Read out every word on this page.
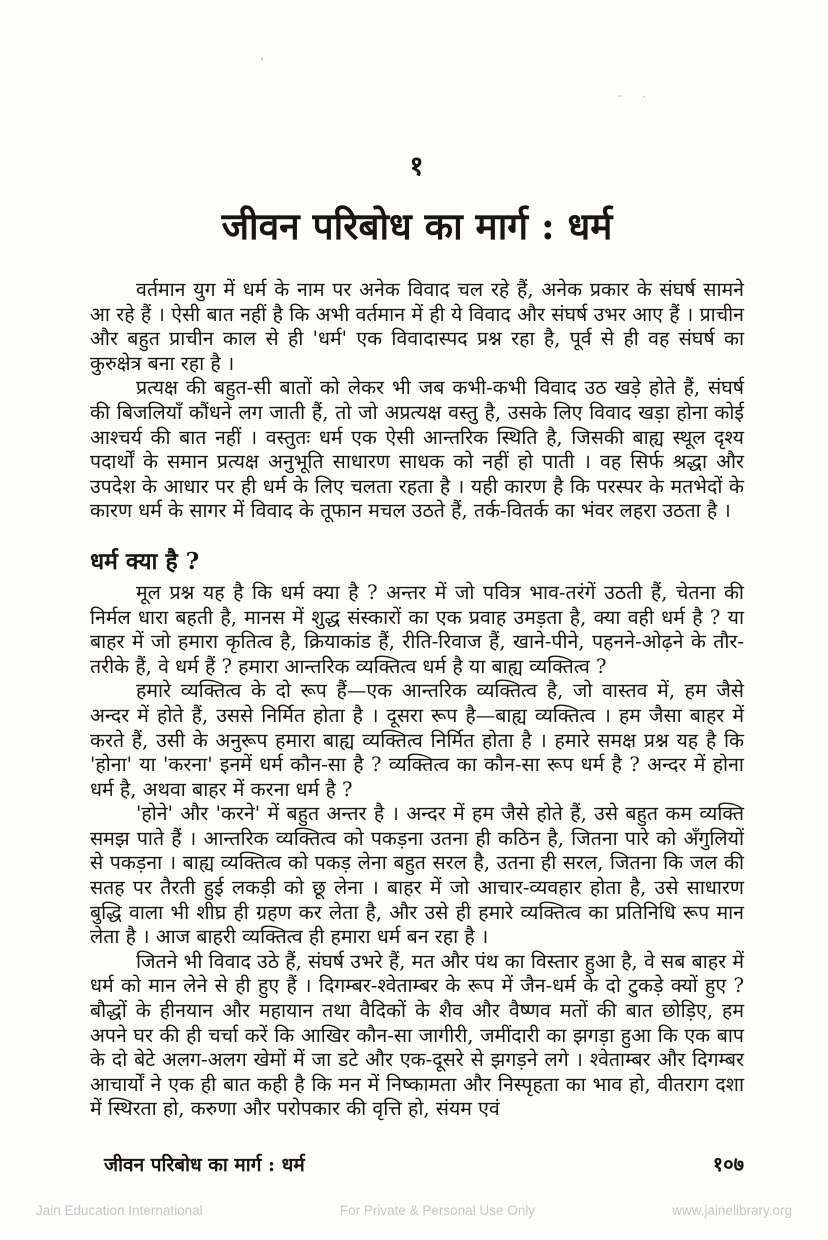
१
जीवन परिबोध का मार्ग : धर्म

वर्तमान युग में धर्म के नाम पर अनेक विवाद चल रहे हैं, अनेक प्रकार के संघर्ष सामने आ रहे हैं । ऐसी बात नहीं है कि अभी वर्तमान में ही ये विवाद और संघर्ष उभर आए हैं । प्राचीन और बहुत प्राचीन काल से ही 'धर्म' एक विवादास्पद प्रश्न रहा है, पूर्व से ही वह संघर्ष का कुरुक्षेत्र बना रहा है ।

प्रत्यक्ष की बहुत-सी बातों को लेकर भी जब कभी-कभी विवाद उठ खड़े होते हैं, संघर्ष की बिजलियाँ कौंधने लग जाती हैं, तो जो अप्रत्यक्ष वस्तु है, उसके लिए विवाद खड़ा होना कोई आश्चर्य की बात नहीं । वस्तुतः धर्म एक ऐसी आन्तरिक स्थिति है, जिसकी बाह्य स्थूल दृश्य पदार्थों के समान प्रत्यक्ष अनुभूति साधारण साधक को नहीं हो पाती । वह सिर्फ श्रद्धा और उपदेश के आधार पर ही धर्म के लिए चलता रहता है । यही कारण है कि परस्पर के मतभेदों के कारण धर्म के सागर में विवाद के तूफान मचल उठते हैं, तर्क-वितर्क का भंवर लहरा उठता है ।

धर्म क्या है ?

मूल प्रश्न यह है कि धर्म क्या है ? अन्तर में जो पवित्र भाव-तरंगें उठती हैं, चेतना की निर्मल धारा बहती है, मानस में शुद्ध संस्कारों का एक प्रवाह उमड़ता है, क्या वही धर्म है ? या बाहर में जो हमारा कृतित्व है, क्रियाकांड हैं, रीति-रिवाज हैं, खाने-पीने, पहनने-ओढ़ने के तौर-तरीके हैं, वे धर्म हैं ? हमारा आन्तरिक व्यक्तित्व धर्म है या बाह्य व्यक्तित्व ?

हमारे व्यक्तित्व के दो रूप हैं—एक आन्तरिक व्यक्तित्व है, जो वास्तव में, हम जैसे अन्दर में होते हैं, उससे निर्मित होता है । दूसरा रूप है—बाह्य व्यक्तित्व । हम जैसा बाहर में करते हैं, उसी के अनुरूप हमारा बाह्य व्यक्तित्व निर्मित होता है । हमारे समक्ष प्रश्न यह है कि 'होना' या 'करना' इनमें धर्म कौन-सा है ? व्यक्तित्व का कौन-सा रूप धर्म है ? अन्दर में होना धर्म है, अथवा बाहर में करना धर्म है ?

'होने' और 'करने' में बहुत अन्तर है । अन्दर में हम जैसे होते हैं, उसे बहुत कम व्यक्ति समझ पाते हैं । आन्तरिक व्यक्तित्व को पकड़ना उतना ही कठिन है, जितना पारे को अँगुलियों से पकड़ना । बाह्य व्यक्तित्व को पकड़ लेना बहुत सरल है, उतना ही सरल, जितना कि जल की सतह पर तैरती हुई लकड़ी को छू लेना । बाहर में जो आचार-व्यवहार होता है, उसे साधारण बुद्धि वाला भी शीघ्र ही ग्रहण कर लेता है, और उसे ही हमारे व्यक्तित्व का प्रतिनिधि रूप मान लेता है । आज बाहरी व्यक्तित्व ही हमारा धर्म बन रहा है ।

जितने भी विवाद उठे हैं, संघर्ष उभरे हैं, मत और पंथ का विस्तार हुआ है, वे सब बाहर में धर्म को मान लेने से ही हुए हैं । दिगम्बर-श्वेताम्बर के रूप में जैन-धर्म के दो टुकड़े क्यों हुए ? बौद्धों के हीनयान और महायान तथा वैदिकों के शैव और वैष्णव मतों की बात छोड़िए, हम अपने घर की ही चर्चा करें कि आखिर कौन-सा जागीरी, जमींदारी का झगड़ा हुआ कि एक बाप के दो बेटे अलग-अलग खेमों में जा डटे और एक-दूसरे से झगड़ने लगे । श्वेताम्बर और दिगम्बर आचार्यों ने एक ही बात कही है कि मन में निष्कामता और निस्पृहता का भाव हो, वीतराग दशा में स्थिरता हो, करुणा और परोपकार की वृत्ति हो, संयम एवं

जीवन परिबोध का मार्ग : धर्म	१०७
Jain Education International	For Private & Personal Use Only	www.jainelibrary.org
